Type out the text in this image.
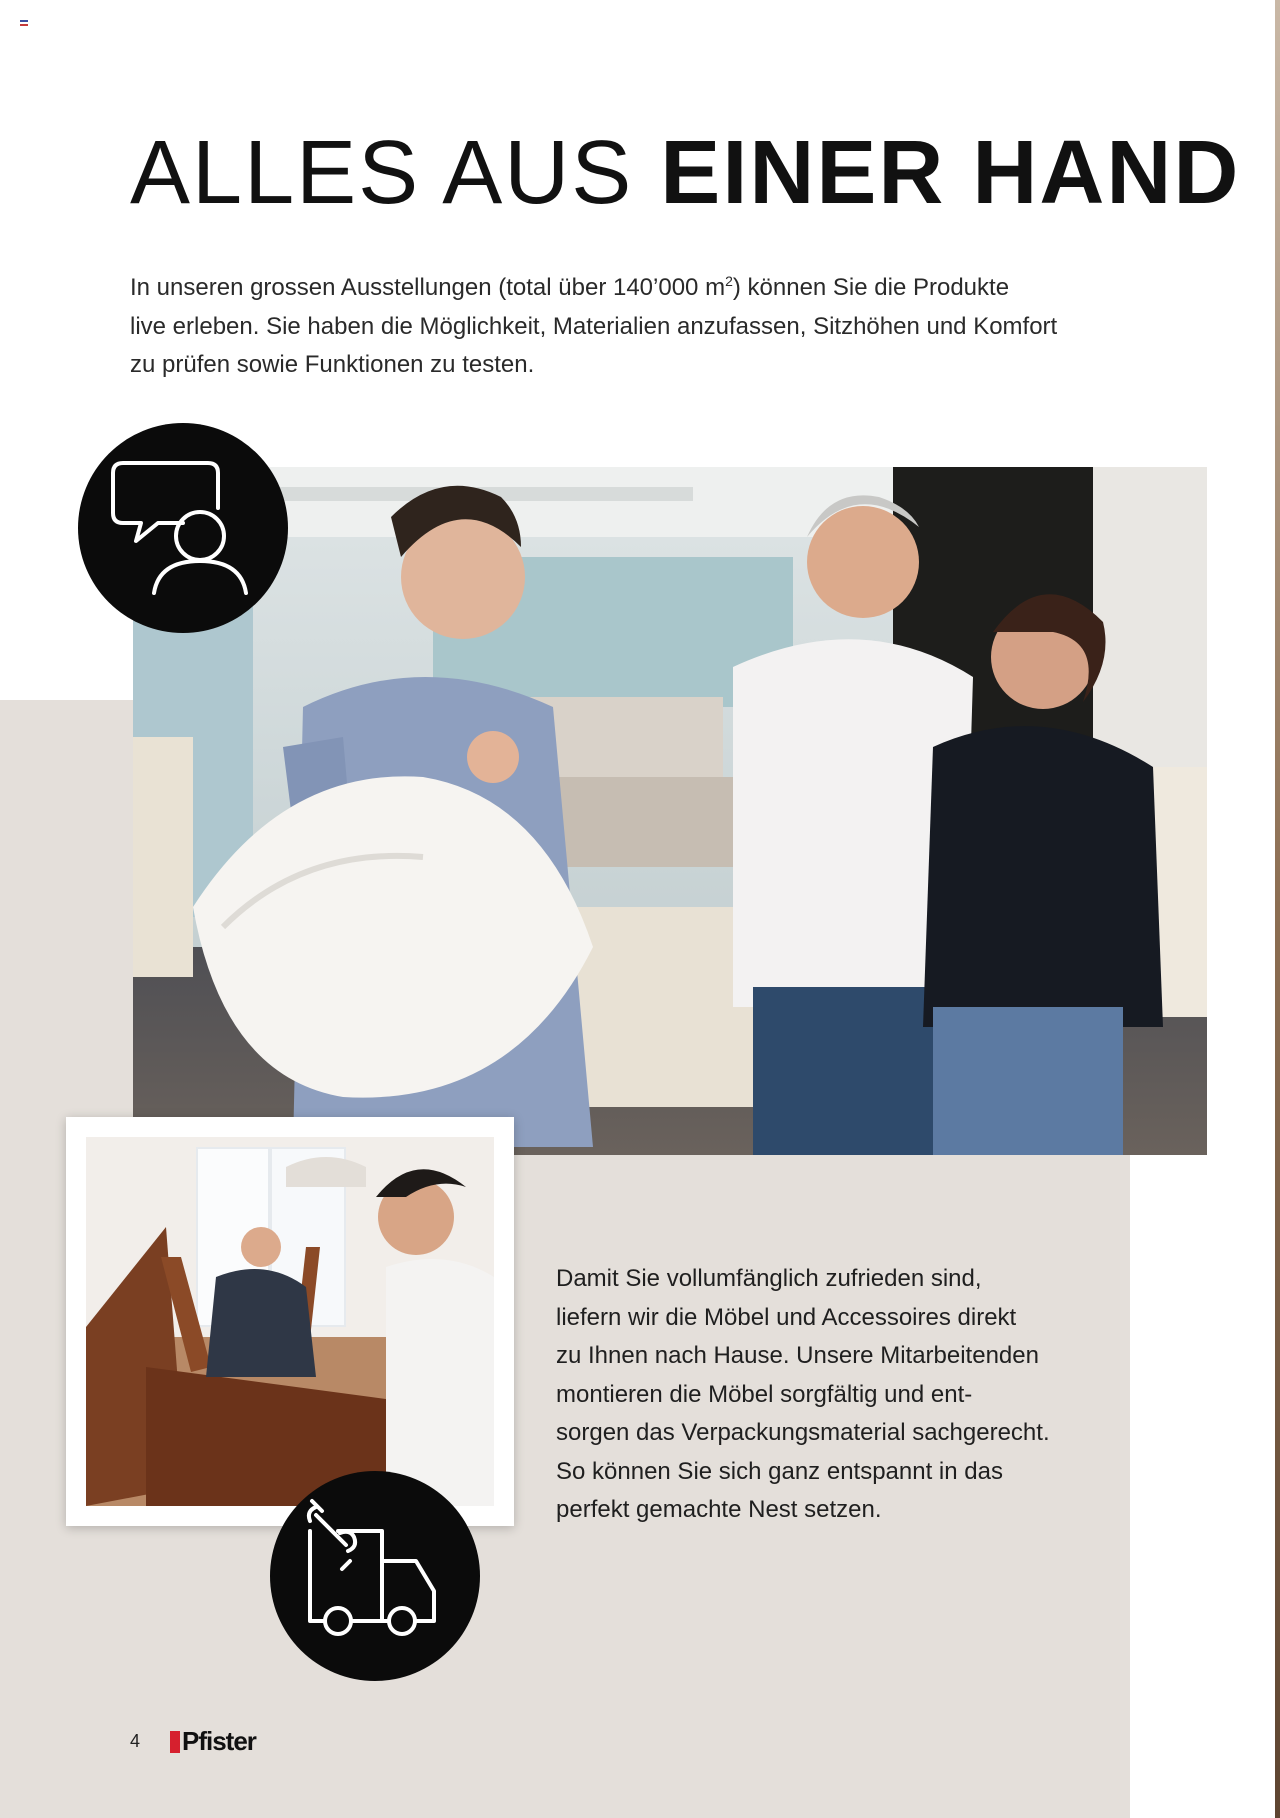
ALLES AUS EINER HAND

In unseren grossen Ausstellungen (total über 140’000 $m^2$) können Sie die Produkte
live erleben. Sie haben die Möglichkeit, Materialien anzufassen, Sitzhöhen und Komfort
zu prüfen sowie Funktionen zu testen.

Damit Sie vollumfänglich zufrieden sind,
liefern wir die Möbel und Accessoires direkt
zu Ihnen nach Hause. Unsere Mitarbeitenden
montieren die Möbel sorgfältig und ent-
sorgen das Verpackungsmaterial sachgerecht.
So können Sie sich ganz entspannt in das
perfekt gemachte Nest setzen.

4 Pfister
